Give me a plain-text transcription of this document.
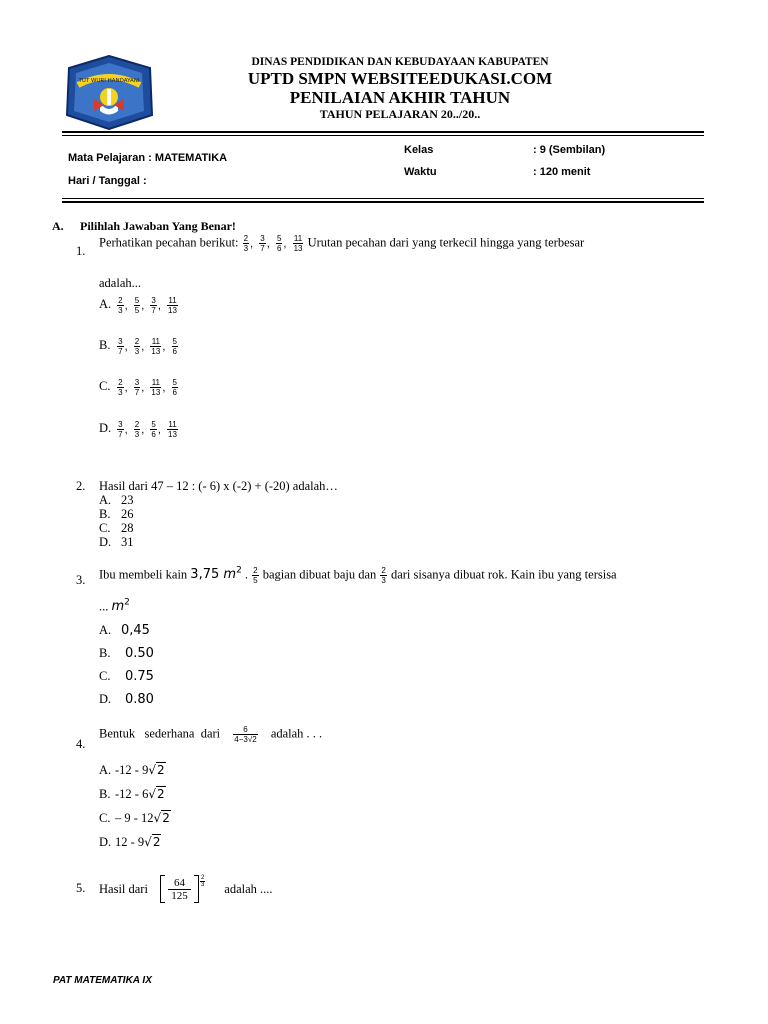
TUT WURI HANDAYANI
DINAS PENDIDIKAN DAN KEBUDAYAAN KABUPATEN
UPTD SMPN WEBSITEEDUKASI.COM
PENILAIAN AKHIR TAHUN
TAHUN PELAJARAN 20../20..
Mata Pelajaran : MATEMATIKA
Hari / Tanggal :
Kelas	: 9 (Sembilan)
Waktu	: 120 menit
A. Pilihlah Jawaban Yang Benar!
1.
Perhatikan pecahan berikut: $\frac{2}{3}$ , $\frac{3}{7}$ , $\frac{5}{6}$ , $\frac{11}{13}$ Urutan pecahan dari yang terkecil hingga yang terbesar
adalah...
A. $\frac{2}{3}$ , $\frac{5}{5}$ , $\frac{3}{7}$ , $\frac{11}{13}$
B. $\frac{3}{7}$ , $\frac{2}{3}$ , $\frac{11}{13}$ , $\frac{5}{6}$
C. $\frac{2}{3}$ , $\frac{3}{7}$ , $\frac{11}{13}$ , $\frac{5}{6}$
D. $\frac{3}{7}$ , $\frac{2}{3}$ , $\frac{5}{6}$ , $\frac{11}{13}$
2. Hasil dari 47 – 12 : (- 6) x (-2) + (-20) adalah…
A. 23
B. 26
C. 28
D. 31
3. Ibu membeli kain 3,75 $m^2$ . $\frac{2}{5}$ bagian dibuat baju dan $\frac{2}{3}$ dari sisanya dibuat rok. Kain ibu yang tersisa
... $m^2$
A. 0,45
B. 0.50
C. 0.75
D. 0.80
4.
Bentuk   sederhana  dari $\frac{6}{4-3√2}$ adalah . . .
A. -12 - 9√2
B. -12 - 6√2
C. – 9 - 12√2
D. 12 - 9√2
5. Hasil dari $\frac{64}{125} \frac{2}{3}$ adalah ....
PAT MATEMATIKA IX
